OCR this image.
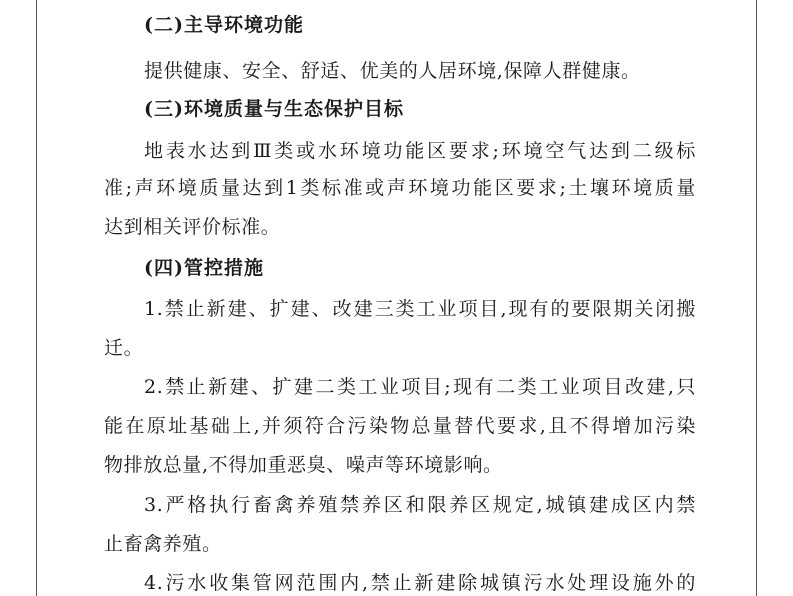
(二)主导环境功能
提供健康、安全、舒适、优美的人居环境,保障人群健康。
(三)环境质量与生态保护目标
地表水达到Ⅲ类或水环境功能区要求;环境空气达到二级标
准;声环境质量达到1类标准或声环境功能区要求;土壤环境质量
达到相关评价标准。
(四)管控措施
1.禁止新建、扩建、改建三类工业项目,现有的要限期关闭搬
迁。
2.禁止新建、扩建二类工业项目;现有二类工业项目改建,只
能在原址基础上,并须符合污染物总量替代要求,且不得增加污染
物排放总量,不得加重恶臭、噪声等环境影响。
3.严格执行畜禽养殖禁养区和限养区规定,城镇建成区内禁
止畜禽养殖。
4.污水收集管网范围内,禁止新建除城镇污水处理设施外的
